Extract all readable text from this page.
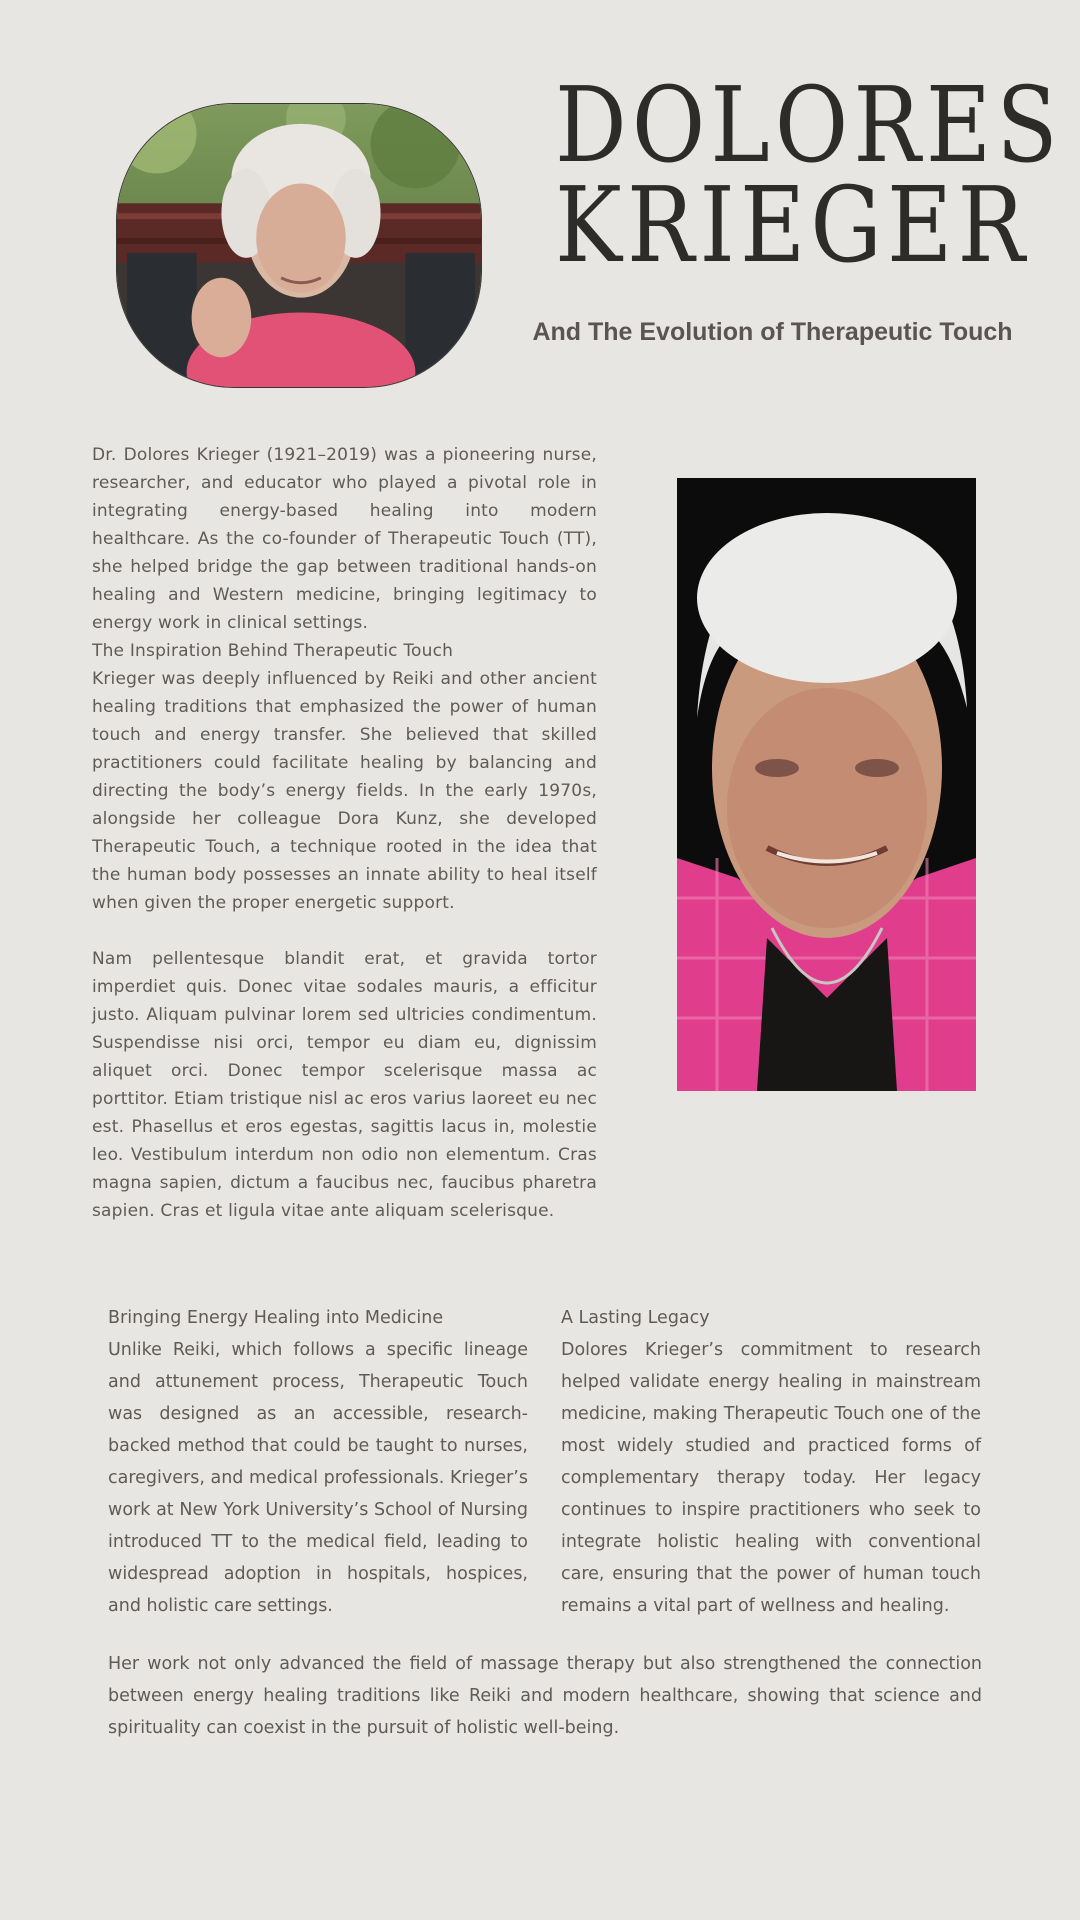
DOLORES
KRIEGER
And The Evolution of Therapeutic Touch

Dr. Dolores Krieger (1921–2019) was a pioneering nurse, researcher, and educator who played a pivotal role in integrating energy-based healing into modern healthcare. As the co-founder of Therapeutic Touch (TT), she helped bridge the gap between traditional hands-on healing and Western medicine, bringing legitimacy to energy work in clinical settings.

The Inspiration Behind Therapeutic Touch

Krieger was deeply influenced by Reiki and other ancient healing traditions that emphasized the power of human touch and energy transfer. She believed that skilled practitioners could facilitate healing by balancing and directing the body’s energy fields. In the early 1970s, alongside her colleague Dora Kunz, she developed Therapeutic Touch, a technique rooted in the idea that the human body possesses an innate ability to heal itself when given the proper energetic support.

Nam pellentesque blandit erat, et gravida tortor imperdiet quis. Donec vitae sodales mauris, a efficitur justo. Aliquam pulvinar lorem sed ultricies condimentum. Suspendisse nisi orci, tempor eu diam eu, dignissim aliquet orci. Donec tempor scelerisque massa ac porttitor. Etiam tristique nisl ac eros varius laoreet eu nec est. Phasellus et eros egestas, sagittis lacus in, molestie leo. Vestibulum interdum non odio non elementum. Cras magna sapien, dictum a faucibus nec, faucibus pharetra sapien. Cras et ligula vitae ante aliquam scelerisque.

Bringing Energy Healing into Medicine

Unlike Reiki, which follows a specific lineage and attunement process, Therapeutic Touch was designed as an accessible, research-backed method that could be taught to nurses, caregivers, and medical professionals. Krieger’s work at New York University’s School of Nursing introduced TT to the medical field, leading to widespread adoption in hospitals, hospices, and holistic care settings.

A Lasting Legacy

Dolores Krieger’s commitment to research helped validate energy healing in mainstream medicine, making Therapeutic Touch one of the most widely studied and practiced forms of complementary therapy today. Her legacy continues to inspire practitioners who seek to integrate holistic healing with conventional care, ensuring that the power of human touch remains a vital part of wellness and healing.

Her work not only advanced the field of massage therapy but also strengthened the connection between energy healing traditions like Reiki and modern healthcare, showing that science and spirituality can coexist in the pursuit of holistic well-being.
